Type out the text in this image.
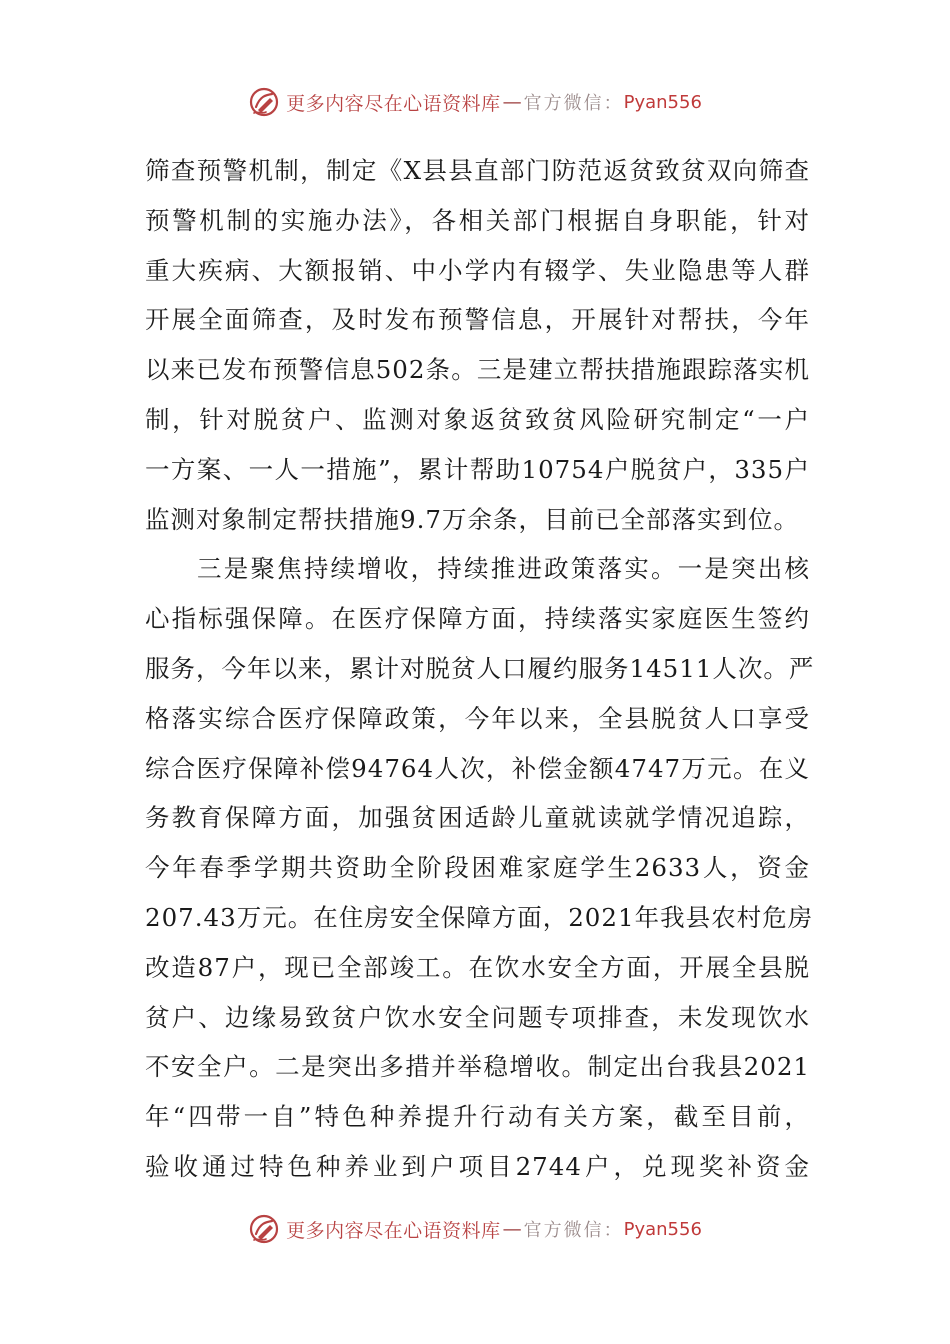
更多内容尽在心语资料库 — 官方微信： Pyan556
筛查预警机制，制定《X县县直部门防范返贫致贫双向筛查
预警机制的实施办法》，各相关部门根据自身职能，针对
重大疾病、大额报销、中小学内有辍学、失业隐患等人群
开展全面筛查，及时发布预警信息，开展针对帮扶，今年
以来已发布预警信息502条。三是建立帮扶措施跟踪落实机
制，针对脱贫户、监测对象返贫致贫风险研究制定“一户
一方案、一人一措施”，累计帮助10754户脱贫户，335户
监测对象制定帮扶措施9.7万余条，目前已全部落实到位。
三是聚焦持续增收，持续推进政策落实。一是突出核
心指标强保障。在医疗保障方面，持续落实家庭医生签约
服务，今年以来，累计对脱贫人口履约服务14511人次。严
格落实综合医疗保障政策，今年以来，全县脱贫人口享受
综合医疗保障补偿94764人次，补偿金额4747万元。在义
务教育保障方面，加强贫困适龄儿童就读就学情况追踪，
今年春季学期共资助全阶段困难家庭学生2633人，资金
207.43万元。在住房安全保障方面，2021年我县农村危房
改造87户，现已全部竣工。在饮水安全方面，开展全县脱
贫户、边缘易致贫户饮水安全问题专项排查，未发现饮水
不安全户。二是突出多措并举稳增收。制定出台我县2021
年“四带一自”特色种养提升行动有关方案，截至目前，
验收通过特色种养业到户项目2744户，兑现奖补资金
更多内容尽在心语资料库 — 官方微信： Pyan556
